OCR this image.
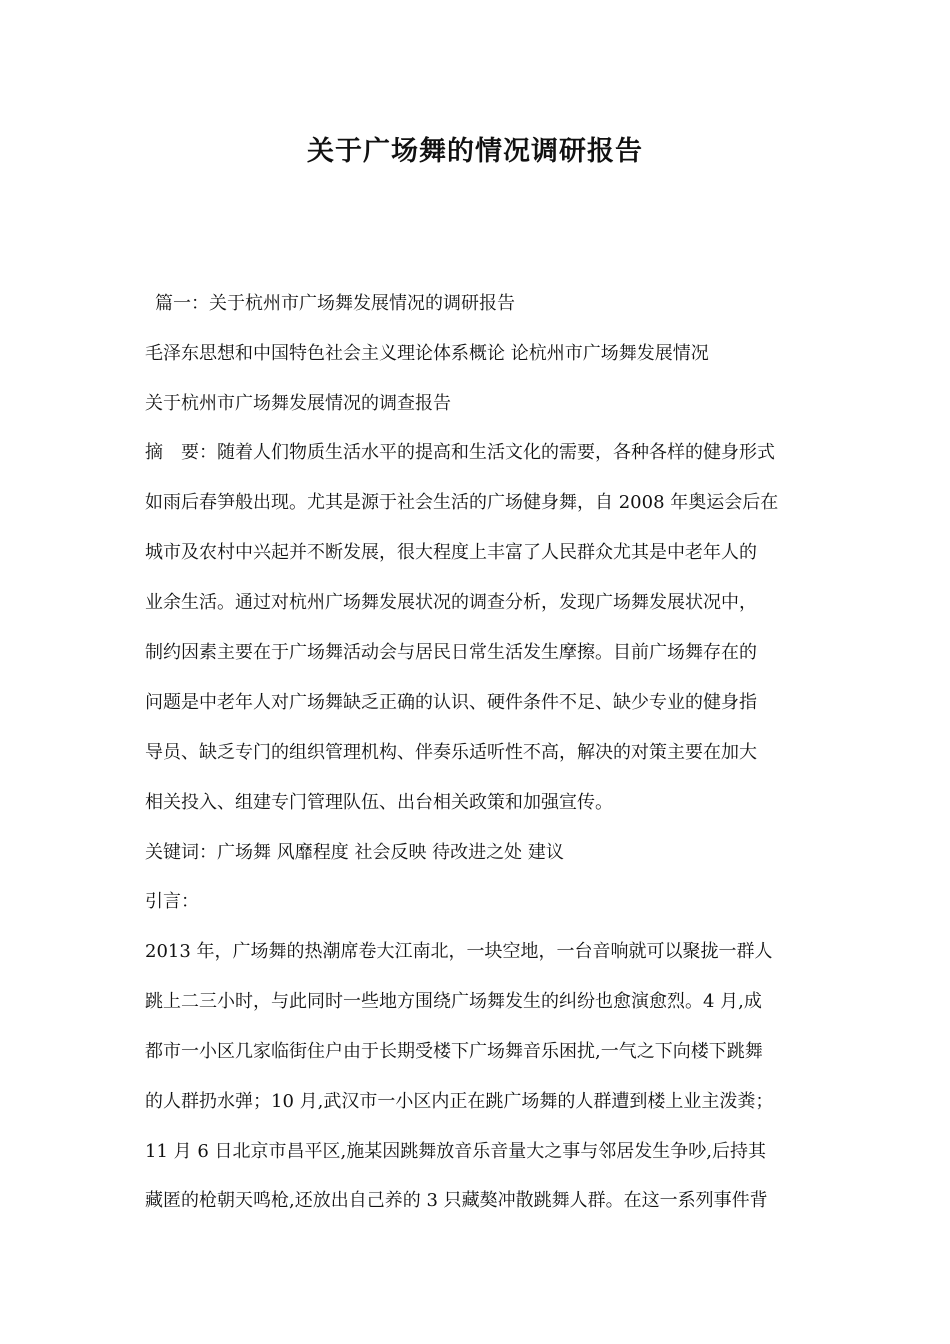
关于广场舞的情况调研报告
篇一：关于杭州市广场舞发展情况的调研报告
毛泽东思想和中国特色社会主义理论体系概论 论杭州市广场舞发展情况
关于杭州市广场舞发展情况的调查报告
摘　要：随着人们物质生活水平的提高和生活文化的需要，各种各样的健身形式
如雨后春笋般出现。尤其是源于社会生活的广场健身舞，自 2008 年奥运会后在
城市及农村中兴起并不断发展，很大程度上丰富了人民群众尤其是中老年人的
业余生活。通过对杭州广场舞发展状况的调查分析，发现广场舞发展状况中，
制约因素主要在于广场舞活动会与居民日常生活发生摩擦。目前广场舞存在的
问题是中老年人对广场舞缺乏正确的认识、硬件条件不足、缺少专业的健身指
导员、缺乏专门的组织管理机构、伴奏乐适听性不高，解决的对策主要在加大
相关投入、组建专门管理队伍、出台相关政策和加强宣传。
关键词：广场舞 风靡程度 社会反映 待改进之处 建议
引言：
2013 年，广场舞的热潮席卷大江南北，一块空地，一台音响就可以聚拢一群人
跳上二三小时，与此同时一些地方围绕广场舞发生的纠纷也愈演愈烈。4 月,成
都市一小区几家临街住户由于长期受楼下广场舞音乐困扰,一气之下向楼下跳舞
的人群扔水弹；10 月,武汉市一小区内正在跳广场舞的人群遭到楼上业主泼粪；
11 月 6 日北京市昌平区,施某因跳舞放音乐音量大之事与邻居发生争吵,后持其
藏匿的枪朝天鸣枪,还放出自己养的 3 只藏獒冲散跳舞人群。在这一系列事件背
